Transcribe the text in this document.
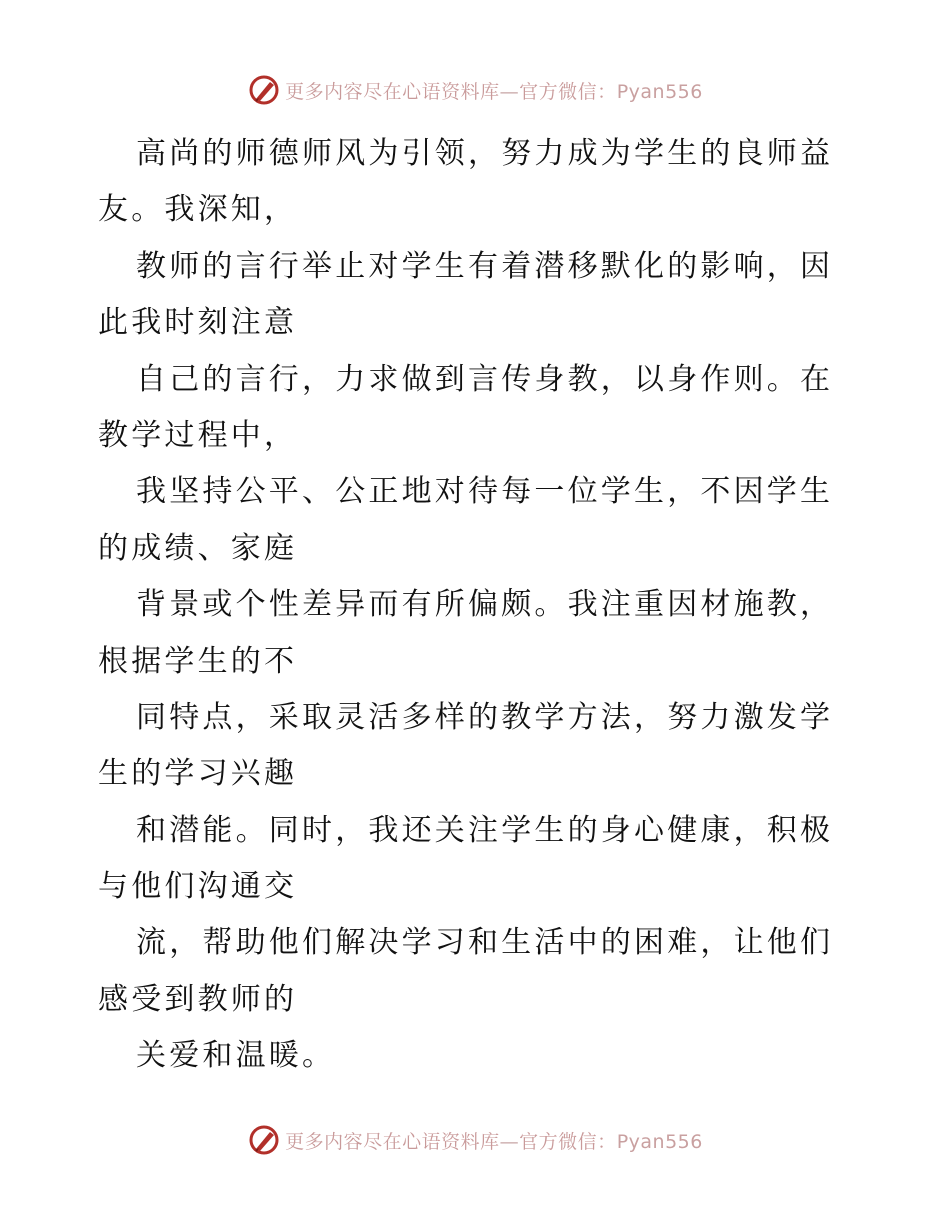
更多内容尽在心语资料库—官方微信：Pyan556
高尚的师德师风为引领，努力成为学生的良师益
友。我深知，
教师的言行举止对学生有着潜移默化的影响，因
此我时刻注意
自己的言行，力求做到言传身教，以身作则。在
教学过程中，
我坚持公平、公正地对待每一位学生，不因学生
的成绩、家庭
背景或个性差异而有所偏颇。我注重因材施教，
根据学生的不
同特点，采取灵活多样的教学方法，努力激发学
生的学习兴趣
和潜能。同时，我还关注学生的身心健康，积极
与他们沟通交
流，帮助他们解决学习和生活中的困难，让他们
感受到教师的
关爱和温暖。
更多内容尽在心语资料库—官方微信：Pyan556
